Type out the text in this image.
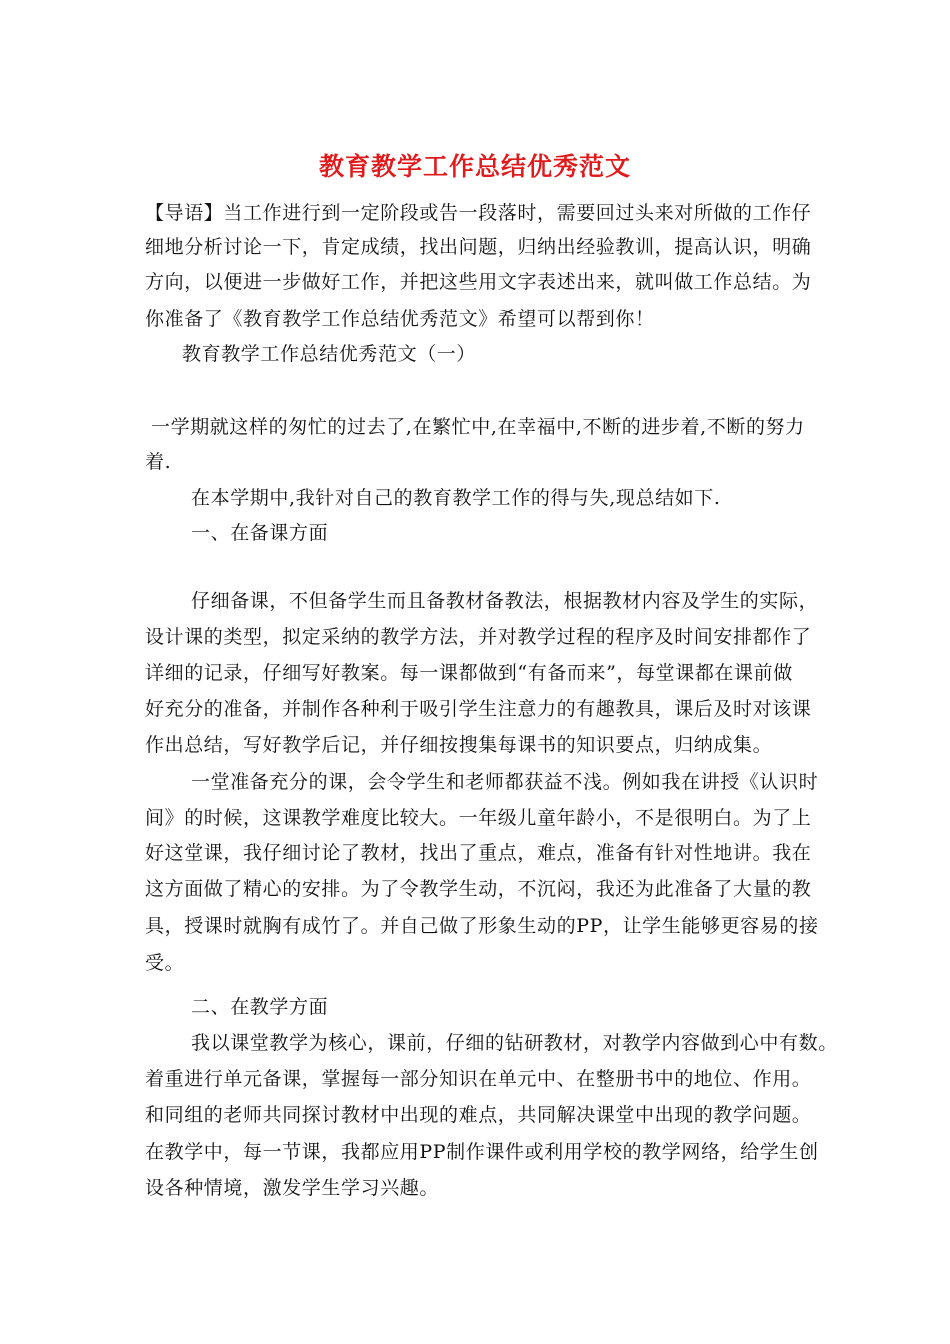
教育教学工作总结优秀范文
【导语】当工作进行到一定阶段或告一段落时，需要回过头来对所做的工作仔
细地分析讨论一下，肯定成绩，找出问题，归纳出经验教训，提高认识，明确
方向，以便进一步做好工作，并把这些用文字表述出来，就叫做工作总结。为
你准备了《教育教学工作总结优秀范文》希望可以帮到你！
教育教学工作总结优秀范文（一）
一学期就这样的匆忙的过去了,在繁忙中,在幸福中,不断的进步着,不断的努力
着.
在本学期中,我针对自己的教育教学工作的得与失,现总结如下.
一、在备课方面
仔细备课，不但备学生而且备教材备教法，根据教材内容及学生的实际，
设计课的类型，拟定采纳的教学方法，并对教学过程的程序及时间安排都作了
详细的记录，仔细写好教案。每一课都做到“有备而来”，每堂课都在课前做
好充分的准备，并制作各种利于吸引学生注意力的有趣教具，课后及时对该课
作出总结，写好教学后记，并仔细按搜集每课书的知识要点，归纳成集。
一堂准备充分的课，会令学生和老师都获益不浅。例如我在讲授《认识时
间》的时候，这课教学难度比较大。一年级儿童年龄小，不是很明白。为了上
好这堂课，我仔细讨论了教材，找出了重点，难点，准备有针对性地讲。我在
这方面做了精心的安排。为了令教学生动，不沉闷，我还为此准备了大量的教
具，授课时就胸有成竹了。并自己做了形象生动的PP，让学生能够更容易的接
受。
二、在教学方面
我以课堂教学为核心，课前，仔细的钻研教材，对教学内容做到心中有数。
着重进行单元备课，掌握每一部分知识在单元中、在整册书中的地位、作用。
和同组的老师共同探讨教材中出现的难点，共同解决课堂中出现的教学问题。
在教学中，每一节课，我都应用PP制作课件或利用学校的教学网络，给学生创
设各种情境，激发学生学习兴趣。
